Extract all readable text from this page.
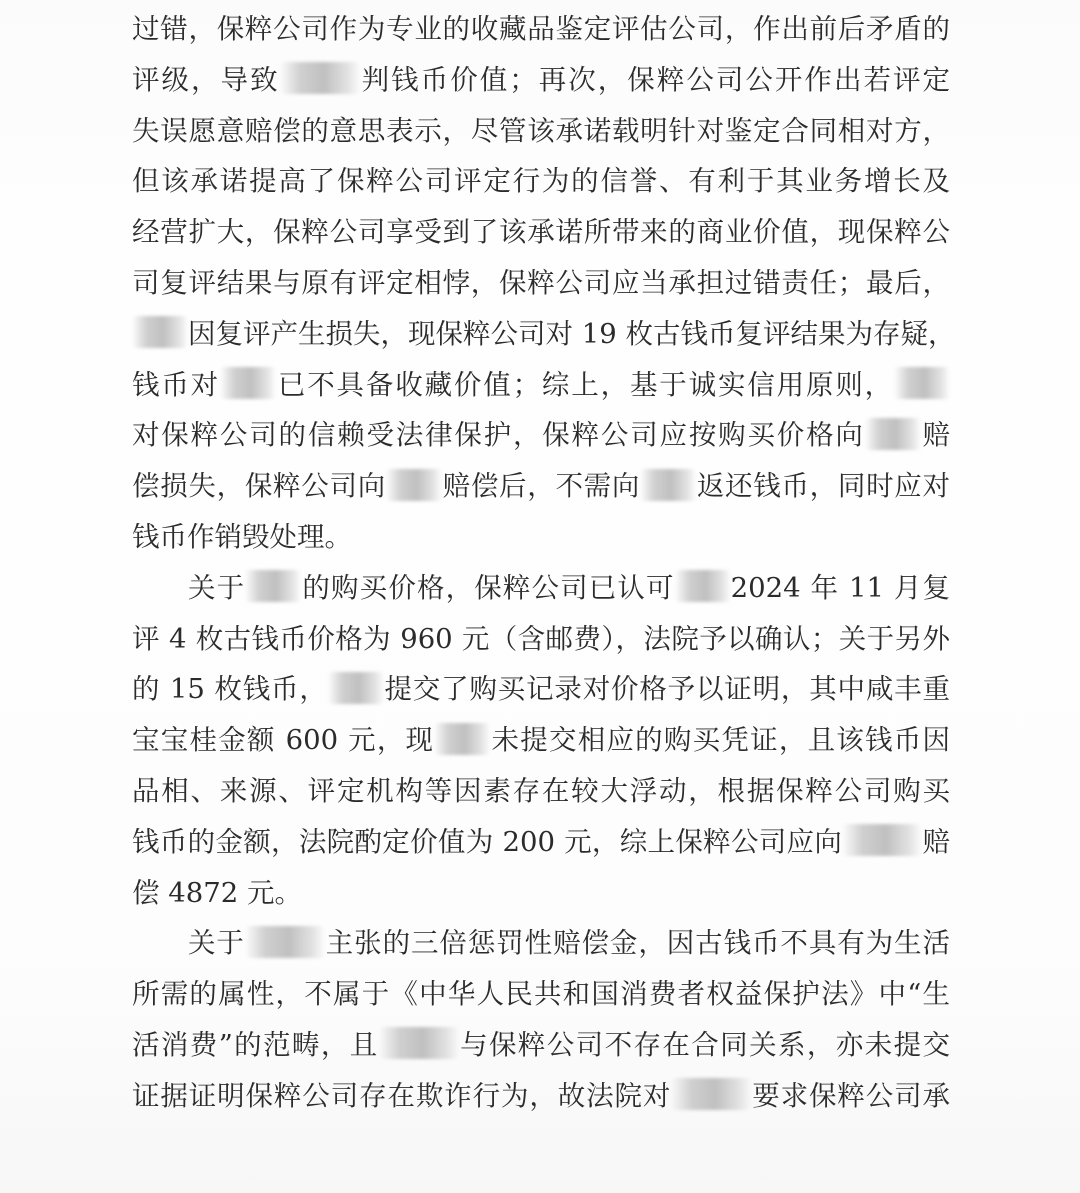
过错，保粹公司作为专业的收藏品鉴定评估公司，作出前后矛盾的
评级，导致	判钱币价值；再次，保粹公司公开作出若评定
失误愿意赔偿的意思表示，尽管该承诺载明针对鉴定合同相对方，
但该承诺提高了保粹公司评定行为的信誉、有利于其业务增长及
经营扩大，保粹公司享受到了该承诺所带来的商业价值，现保粹公
司复评结果与原有评定相悖，保粹公司应当承担过错责任；最后，
因复评产生损失，现保粹公司对 19 枚古钱币复评结果为存疑，
钱币对 已不具备收藏价值；综上，基于诚实信用原则，
对保粹公司的信赖受法律保护，保粹公司应按购买价格向 赔
偿损失，保粹公司向 赔偿后，不需向 返还钱币，同时应对
钱币作销毁处理。
关于 的购买价格，保粹公司已认可 2024 年 11 月复
评 4 枚古钱币价格为 960 元（含邮费），法院予以确认；关于另外
的 15 枚钱币， 提交了购买记录对价格予以证明，其中咸丰重
宝宝桂金额 600 元，现 未提交相应的购买凭证，且该钱币因
品相、来源、评定机构等因素存在较大浮动，根据保粹公司购买
钱币的金额，法院酌定价值为 200 元，综上保粹公司应向	赔
偿 4872 元。
关于	主张的三倍惩罚性赔偿金，因古钱币不具有为生活
所需的属性，不属于《中华人民共和国消费者权益保护法》中“生
活消费”的范畴，且	与保粹公司不存在合同关系，亦未提交
证据证明保粹公司存在欺诈行为，故法院对	要求保粹公司承
